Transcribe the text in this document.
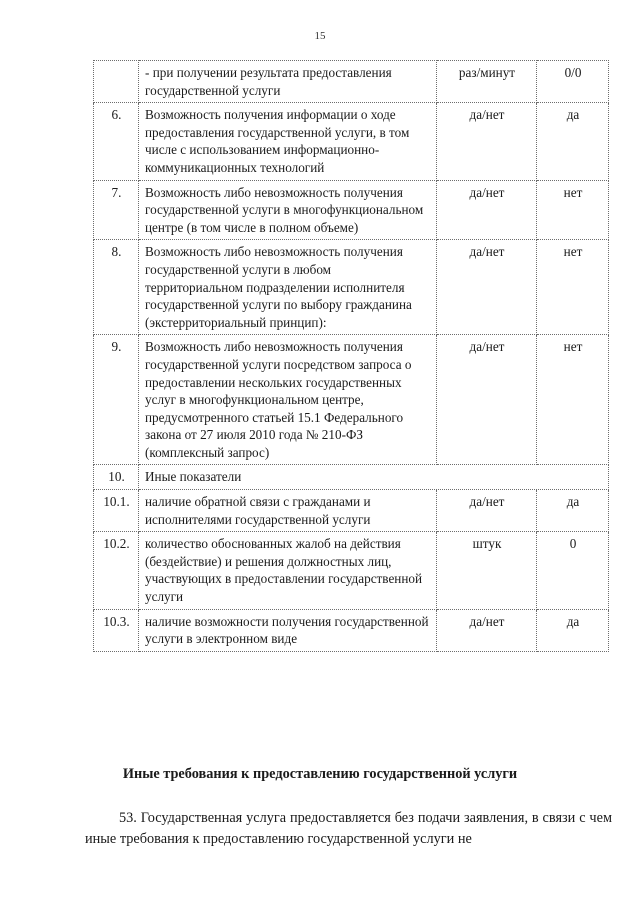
15
	- при получении результата предоставления государственной услуги	раз/минут	0/0
6.	Возможность получения информации о ходе предоставления государственной услуги, в том числе с использованием информационно-коммуникационных технологий	да/нет	да
7.	Возможность либо невозможность получения государственной услуги в многофункциональном центре (в том числе в полном объеме)	да/нет	нет
8.	Возможность либо невозможность получения государственной услуги в любом территориальном подразделении исполнителя государственной услуги по выбору гражданина (экстерриториальный принцип):	да/нет	нет
9.	Возможность либо невозможность получения государственной услуги посредством запроса о предоставлении нескольких государственных услуг в многофункциональном центре, предусмотренного статьей 15.1 Федерального закона от 27 июля 2010 года № 210-ФЗ (комплексный запрос)	да/нет	нет
10.	Иные показатели		
10.1.	наличие обратной связи с гражданами и исполнителями государственной услуги	да/нет	да
10.2.	количество обоснованных жалоб на действия (бездействие) и решения должностных лиц, участвующих в предоставлении государственной услуги	штук	0
10.3.	наличие возможности получения государственной услуги в электронном виде	да/нет	да
Иные требования к предоставлению государственной услуги
53. Государственная услуга предоставляется без подачи заявления, в связи с чем иные требования к предоставлению государственной услуги не
